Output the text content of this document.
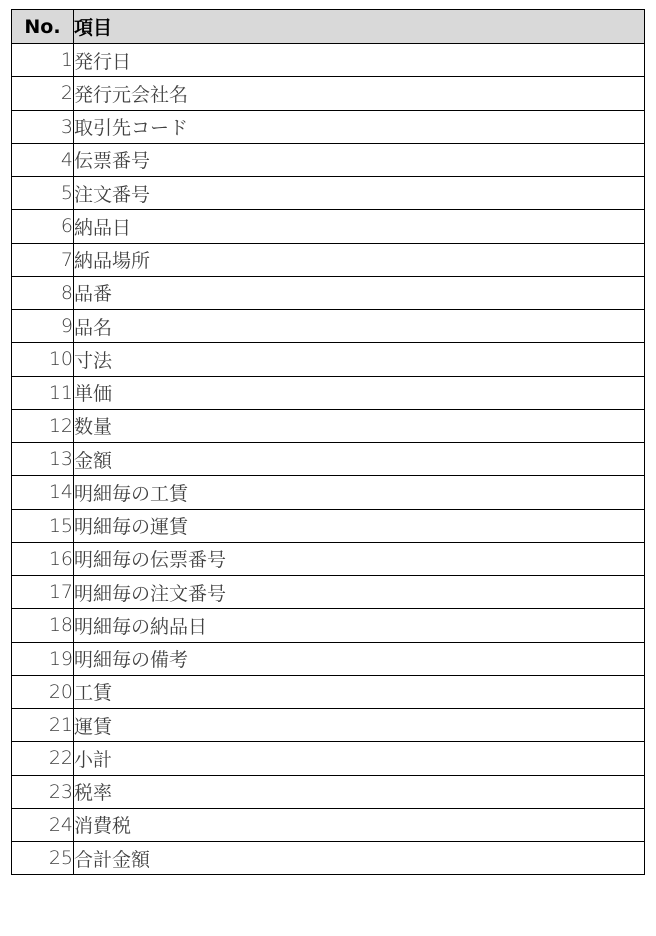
No.	項目
1	発行日
2	発行元会社名
3	取引先コード
4	伝票番号
5	注文番号
6	納品日
7	納品場所
8	品番
9	品名
10	寸法
11	単価
12	数量
13	金額
14	明細毎の工賃
15	明細毎の運賃
16	明細毎の伝票番号
17	明細毎の注文番号
18	明細毎の納品日
19	明細毎の備考
20	工賃
21	運賃
22	小計
23	税率
24	消費税
25	合計金額
